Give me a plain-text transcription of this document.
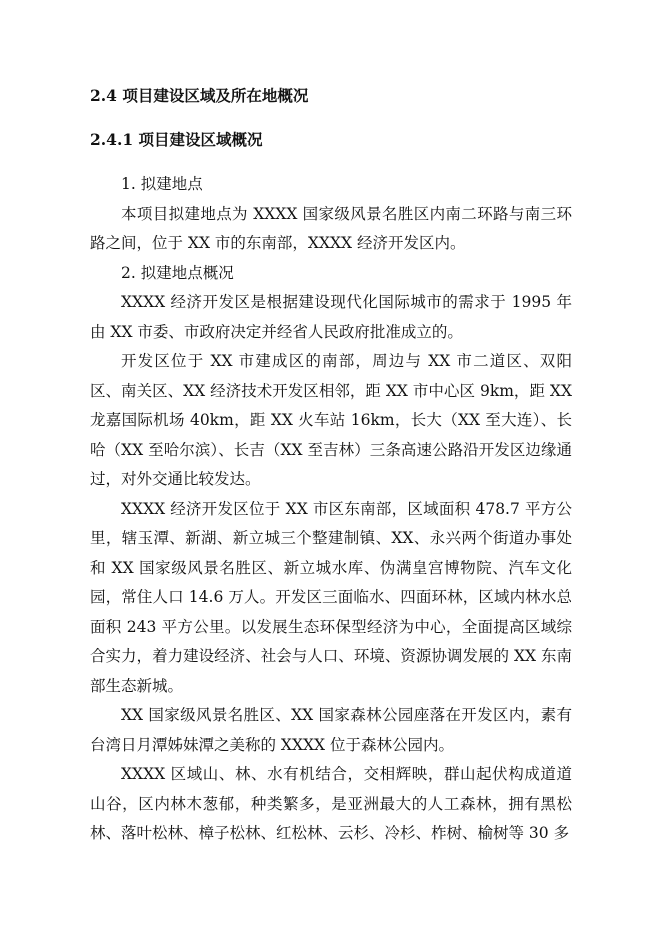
2.4 项目建设区域及所在地概况
2.4.1 项目建设区域概况

1. 拟建地点

本项目拟建地点为 XXXX 国家级风景名胜区内南二环路与南三环路之间，位于 XX 市的东南部，XXXX 经济开发区内。

2. 拟建地点概况

XXXX 经济开发区是根据建设现代化国际城市的需求于 1995 年由 XX 市委、市政府决定并经省人民政府批准成立的。

开发区位于 XX 市建成区的南部，周边与 XX 市二道区、双阳区、南关区、XX 经济技术开发区相邻，距 XX 市中心区 9km，距 XX 龙嘉国际机场 40km，距 XX 火车站 16km，长大（XX 至大连）、长哈（XX 至哈尔滨）、长吉（XX 至吉林）三条高速公路沿开发区边缘通过，对外交通比较发达。

XXXX 经济开发区位于 XX 市区东南部，区域面积 478.7 平方公里，辖玉潭、新湖、新立城三个整建制镇、XX、永兴两个街道办事处和 XX 国家级风景名胜区、新立城水库、伪满皇宫博物院、汽车文化园，常住人口 14.6 万人。开发区三面临水、四面环林，区域内林水总面积 243 平方公里。以发展生态环保型经济为中心，全面提高区域综合实力，着力建设经济、社会与人口、环境、资源协调发展的 XX 东南部生态新城。

XX 国家级风景名胜区、XX 国家森林公园座落在开发区内，素有台湾日月潭姊妹潭之美称的 XXXX 位于森林公园内。

XXXX 区域山、林、水有机结合，交相辉映，群山起伏构成道道山谷，区内林木葱郁，种类繁多，是亚洲最大的人工森林，拥有黑松林、落叶松林、樟子松林、红松林、云杉、冷杉、柞树、榆树等 30 多
